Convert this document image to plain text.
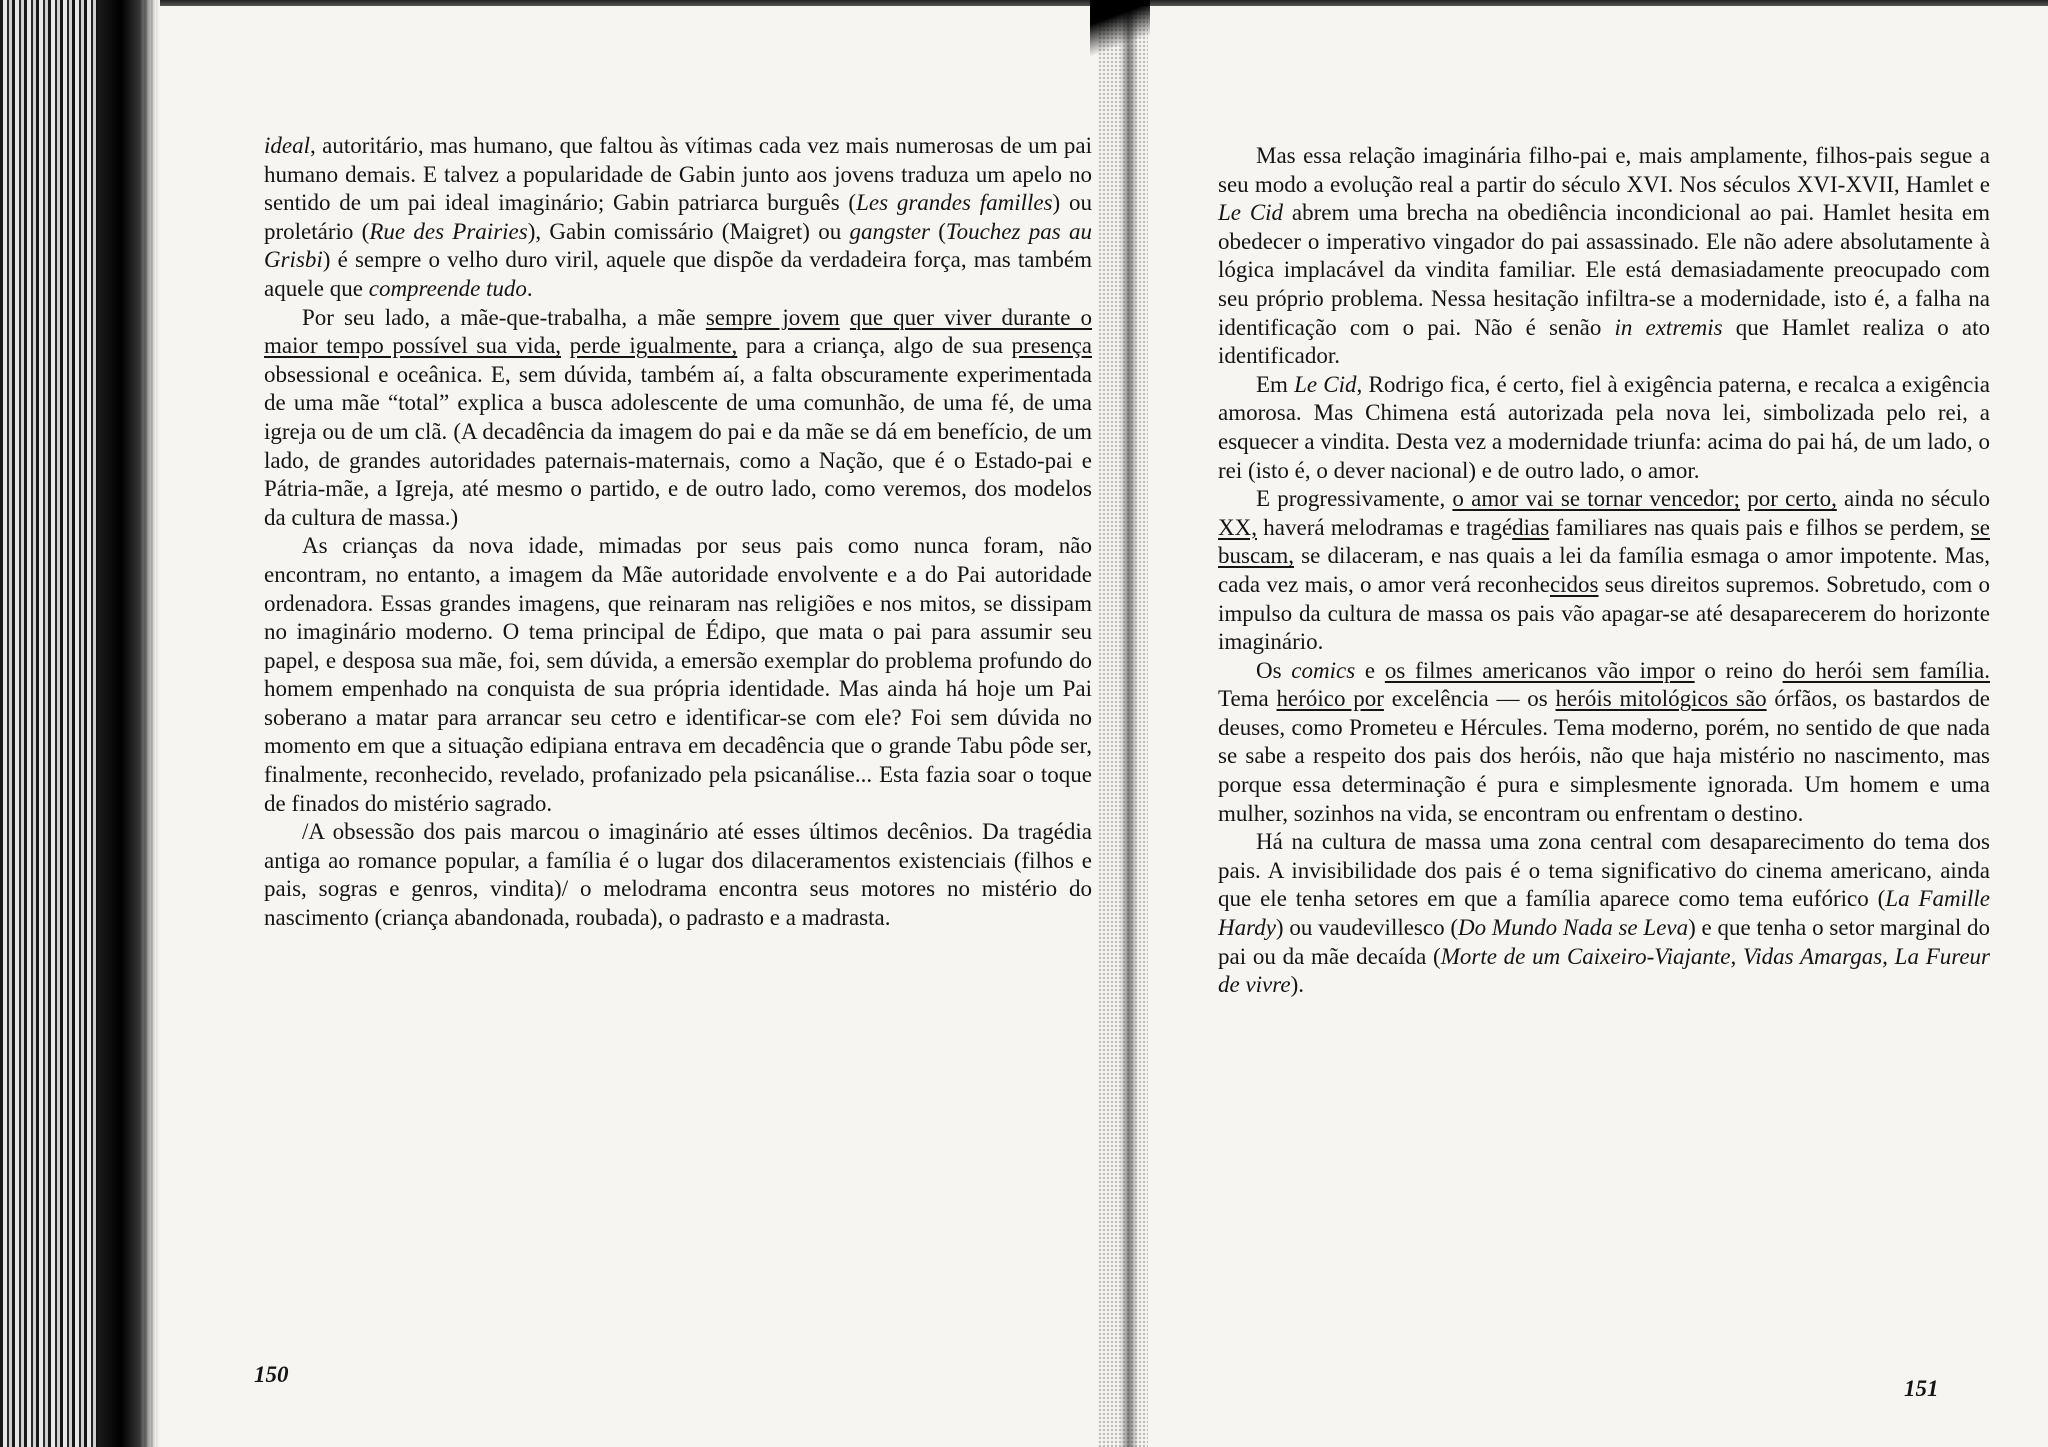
ideal, autoritário, mas humano, que faltou às vítimas cada vez mais numerosas de um pai humano demais. E talvez a popularidade de Gabin junto aos jovens traduza um apelo no sentido de um pai ideal imaginário; Gabin patriarca burguês (Les grandes familles) ou proletário (Rue des Prairies), Gabin comissário (Maigret) ou gangster (Touchez pas au Grisbi) é sempre o velho duro viril, aquele que dispõe da verdadeira força, mas também aquele que compreende tudo.

Por seu lado, a mãe-que-trabalha, a mãe sempre jovem que quer viver durante o maior tempo possível sua vida, perde igualmente, para a criança, algo de sua presença obsessional e oceânica. E, sem dúvida, também aí, a falta obscuramente experimentada de uma mãe “total” explica a busca adolescente de uma comunhão, de uma fé, de uma igreja ou de um clã. (A decadência da imagem do pai e da mãe se dá em benefício, de um lado, de grandes autoridades paternais-maternais, como a Nação, que é o Estado-pai e Pátria-mãe, a Igreja, até mesmo o partido, e de outro lado, como veremos, dos modelos da cultura de massa.)

As crianças da nova idade, mimadas por seus pais como nunca foram, não encontram, no entanto, a imagem da Mãe autoridade envolvente e a do Pai autoridade ordenadora. Essas grandes imagens, que reinaram nas religiões e nos mitos, se dissipam no imaginário moderno. O tema principal de Édipo, que mata o pai para assumir seu papel, e desposa sua mãe, foi, sem dúvida, a emersão exemplar do problema profundo do homem empenhado na conquista de sua própria identidade. Mas ainda há hoje um Pai soberano a matar para arrancar seu cetro e identificar-se com ele? Foi sem dúvida no momento em que a situação edipiana entrava em decadência que o grande Tabu pôde ser, finalmente, reconhecido, revelado, profanizado pela psicanálise... Esta fazia soar o toque de finados do mistério sagrado.

/A obsessão dos pais marcou o imaginário até esses últimos decênios. Da tragédia antiga ao romance popular, a família é o lugar dos dilaceramentos existenciais (filhos e pais, sogras e genros, vindita)/ o melodrama encontra seus motores no mistério do nascimento (criança abandonada, roubada), o padrasto e a madrasta.

150

Mas essa relação imaginária filho-pai e, mais amplamente, filhos-pais segue a seu modo a evolução real a partir do século XVI. Nos séculos XVI-XVII, Hamlet e Le Cid abrem uma brecha na obediência incondicional ao pai. Hamlet hesita em obedecer o imperativo vingador do pai assassinado. Ele não adere absolutamente à lógica implacável da vindita familiar. Ele está demasiadamente preocupado com seu próprio problema. Nessa hesitação infiltra-se a modernidade, isto é, a falha na identificação com o pai. Não é senão in extremis que Hamlet realiza o ato identificador.

Em Le Cid, Rodrigo fica, é certo, fiel à exigência paterna, e recalca a exigência amorosa. Mas Chimena está autorizada pela nova lei, simbolizada pelo rei, a esquecer a vindita. Desta vez a modernidade triunfa: acima do pai há, de um lado, o rei (isto é, o dever nacional) e de outro lado, o amor.

E progressivamente, o amor vai se tornar vencedor; por certo, ainda no século XX, haverá melodramas e tragédias familiares nas quais pais e filhos se perdem, se buscam, se dilaceram, e nas quais a lei da família esmaga o amor impotente. Mas, cada vez mais, o amor verá reconhecidos seus direitos supremos. Sobretudo, com o impulso da cultura de massa os pais vão apagar-se até desaparecerem do horizonte imaginário.

Os comics e os filmes americanos vão impor o reino do herói sem família. Tema heróico por excelência — os heróis mitológicos são órfãos, os bastardos de deuses, como Prometeu e Hércules. Tema moderno, porém, no sentido de que nada se sabe a respeito dos pais dos heróis, não que haja mistério no nascimento, mas porque essa determinação é pura e simplesmente ignorada. Um homem e uma mulher, sozinhos na vida, se encontram ou enfrentam o destino.

Há na cultura de massa uma zona central com desaparecimento do tema dos pais. A invisibilidade dos pais é o tema significativo do cinema americano, ainda que ele tenha setores em que a família aparece como tema eufórico (La Famille Hardy) ou vaudevillesco (Do Mundo Nada se Leva) e que tenha o setor marginal do pai ou da mãe decaída (Morte de um Caixeiro-Viajante, Vidas Amargas, La Fureur de vivre).

151
